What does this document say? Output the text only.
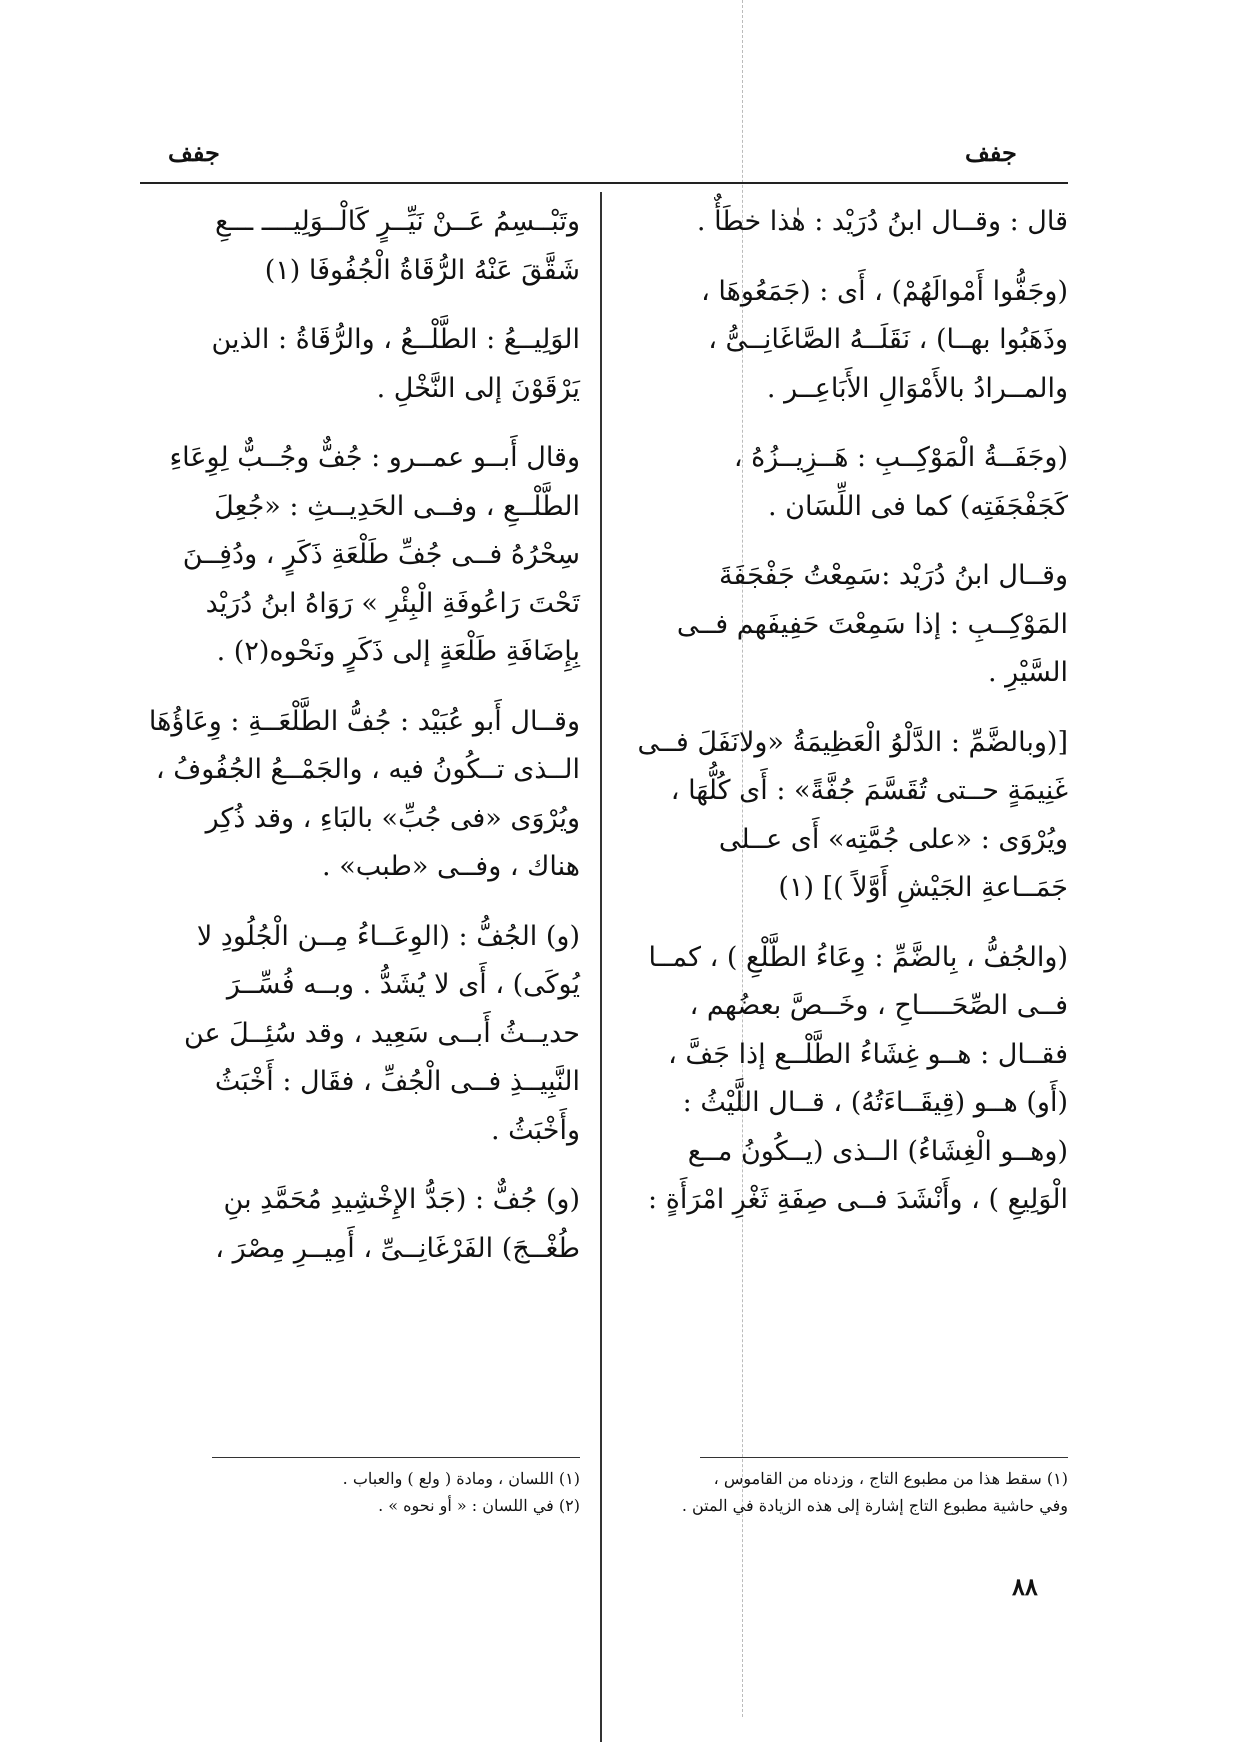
جفف
جفف

قال : وقــال ابنُ دُرَيْد : هٰذا خطَأٌ .

(وجَفُّوا أَمْوالَهُمْ) ، أَى : (جَمَعُوهَا ، وذَهَبُوا بهــا) ، نَقَلَــهُ الصَّاغَانِــىُّ ، والمــرادُ بالأَمْوَالِ الأَبَاعِــر .

(وجَفَــةُ الْمَوْكِــبِ : هَــزِيــزُهُ ، كَجَفْجَفَتِه) كما فى اللِّسَان .

وقــال ابنُ دُرَيْد :سَمِعْتُ جَفْجَفَةَ المَوْكِــبِ : إذا سَمِعْتَ حَفِيفَهم فــى السَّيْرِ .

[(وبالضَّمِّ : الدَّلْوُ الْعَظِيمَةُ «ولانَفَلَ فــى غَنِيمَةٍ حــتى تُقَسَّمَ جُفَّةً» : أَى كُلُّهَا ، ويُرْوَى : «على جُمَّتِه» أَى عــلى جَمَــاعةِ الجَيْشِ أَوَّلاً )] (١)

(والجُفُّ ، بِالضَّمِّ : وِعَاءُ الطَّلْعِ ) ، كمــا فــى الصِّحَــــاحِ ، وخَــصَّ بعضُهم ، فقــال : هــو غِشَاءُ الطَّلْــع إذا جَفَّ ، (أَو) هــو (قِيقَــاءَتُهُ) ، قــال اللَّيْثُ : (وهــو الْغِشَاءُ) الــذى (يــكُونُ مــع الْوَلِيعِ ) ، وأَنْشَدَ فــى صِفَةِ ثَغْرِ امْرَأَةٍ :

وتَبْــسِمُ عَــنْ نَيِّــرٍ كَالْــوَلِيــــ ـــعِ شَقَّقَ عَنْهُ الرُّقَاةُ الْجُفُوفَا (١)

الوَلِيــعُ : الطَّلْــعُ ، والرُّقَاةُ : الذين يَرْقَوْنَ إلى النَّخْلِ .

وقال أَبــو عمــرو : جُفٌّ وجُــبٌّ لِوِعَاءِ الطَّلْــعِ ، وفــى الحَدِيــثِ : «جُعِلَ سِحْرُهُ فــى جُفِّ طَلْعَةِ ذَكَرٍ ، ودُفِــنَ تَحْتَ رَاعُوفَةِ الْبِئْرِ » رَوَاهُ ابنُ دُرَيْد بِإِضَافَةِ طَلْعَةٍ إلى ذَكَرٍ ونَحْوه(٢) .

وقــال أَبو عُبَيْد : جُفُّ الطَّلْعَــةِ : وِعَاؤُهَا الــذى تــكُونُ فيه ، والجَمْــعُ الجُفُوفُ ، ويُرْوَى «فى جُبِّ» بالبَاءِ ، وقد ذُكِر هناك ، وفــى «طبب» .

(و) الجُفُّ : (الوِعَــاءُ مِــن الْجُلُودِ لا يُوكَى) ، أَى لا يُشَدُّ . وبــه فُسِّــرَ حديــثُ أَبــى سَعِيد ، وقد سُئِــلَ عن النَّبِيــذِ فــى الْجُفِّ ، فقَال : أَخْبَثُ وأَخْبَثُ .

(و) جُفٌّ : (جَدُّ الإِخْشِيدِ مُحَمَّدِ بنِ طُغْــجَ) الفَرْغَانِــىِّ ، أَمِيــرِ مِصْرَ ،

(١) سقط هذا من مطبوع التاج ، وزدناه من القاموس ،

وفي حاشية مطبوع التاج إشارة إلى هذه الزيادة في المتن .

(١) اللسان ، ومادة ( ولع ) والعباب .

(٢) في اللسان : « أو نحوه » .

٨٨
